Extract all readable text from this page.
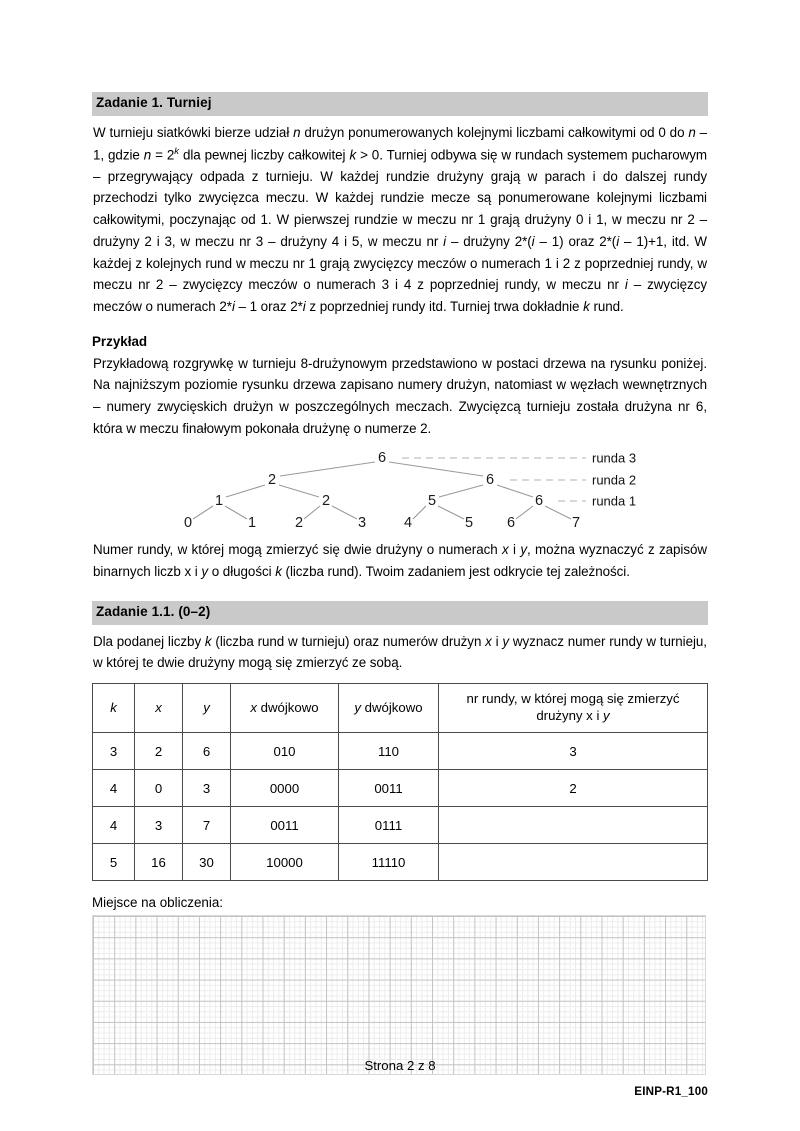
Zadanie 1. Turniej

W turnieju siatkówki bierze udział n drużyn ponumerowanych kolejnymi liczbami całkowitymi od 0 do n – 1, gdzie $n = 2^k$ dla pewnej liczby całkowitej k > 0. Turniej odbywa się w rundach systemem pucharowym – przegrywający odpada z turnieju. W każdej rundzie drużyny grają w parach i do dalszej rundy przechodzi tylko zwycięzca meczu. W każdej rundzie mecze są ponumerowane kolejnymi liczbami całkowitymi, poczynając od 1. W pierwszej rundzie w meczu nr 1 grają drużyny 0 i 1, w meczu nr 2 – drużyny 2 i 3, w meczu nr 3 – drużyny 4 i 5, w meczu nr i – drużyny 2*(i – 1) oraz 2*(i – 1)+1, itd. W każdej z kolejnych rund w meczu nr 1 grają zwycięzcy meczów o numerach 1 i 2 z poprzedniej rundy, w meczu nr 2 – zwycięzcy meczów o numerach 3 i 4 z poprzedniej rundy, w meczu nr i – zwycięzcy meczów o numerach 2*i – 1 oraz 2*i z poprzedniej rundy itd. Turniej trwa dokładnie k rund.

Przykład

Przykładową rozgrywkę w turnieju 8-drużynowym przedstawiono w postaci drzewa na rysunku poniżej. Na najniższym poziomie rysunku drzewa zapisano numery drużyn, natomiast w węzłach wewnętrznych – numery zwycięskich drużyn w poszczególnych meczach. Zwycięzcą turnieju została drużyna nr 6, która w meczu finałowym pokonała drużynę o numerze 2.

6
2	6
1	2	5	6
0	1	2	3	4	5 6	7
runda 3
runda 2
runda 1

Numer rundy, w której mogą zmierzyć się dwie drużyny o numerach x i y, można wyznaczyć z zapisów binarnych liczb x i y o długości k (liczba rund). Twoim zadaniem jest odkrycie tej zależności.

Zadanie 1.1. (0–2)

Dla podanej liczby k (liczba rund w turnieju) oraz numerów drużyn x i y wyznacz numer rundy w turnieju, w której te dwie drużyny mogą się zmierzyć ze sobą.

k	x	y	x dwójkowo	y dwójkowo	nr rundy, w której mogą się zmierzyć
drużyny x i y
3	2	6	010	110	3
4	0	3	0000	0011	2
4	3	7	0011	0111	
5	16	30	10000	11110	
Miejsce na obliczenia:
Strona 2 z 8
EINP-R1_100
